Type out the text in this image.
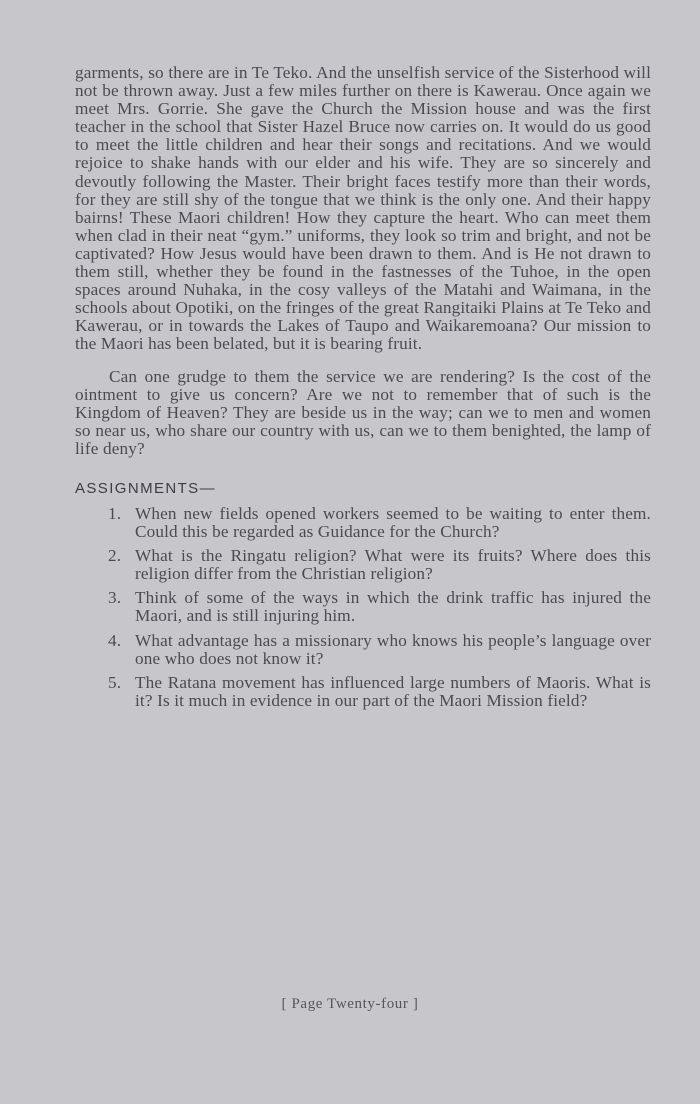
garments, so there are in Te Teko. And the unselfish service of the Sisterhood will not be thrown away. Just a few miles further on there is Kawerau. Once again we meet Mrs. Gorrie. She gave the Church the Mission house and was the first teacher in the school that Sister Hazel Bruce now carries on. It would do us good to meet the little children and hear their songs and recitations. And we would rejoice to shake hands with our elder and his wife. They are so sincerely and devoutly following the Master. Their bright faces testify more than their words, for they are still shy of the tongue that we think is the only one. And their happy bairns! These Maori children! How they capture the heart. Who can meet them when clad in their neat “gym.” uniforms, they look so trim and bright, and not be captivated? How Jesus would have been drawn to them. And is He not drawn to them still, whether they be found in the fastnesses of the Tuhoe, in the open spaces around Nuhaka, in the cosy valleys of the Matahi and Waimana, in the schools about Opotiki, on the fringes of the great Rangitaiki Plains at Te Teko and Kawerau, or in towards the Lakes of Taupo and Waikaremoana? Our mission to the Maori has been belated, but it is bearing fruit.

Can one grudge to them the service we are rendering? Is the cost of the ointment to give us concern? Are we not to remember that of such is the Kingdom of Heaven? They are beside us in the way; can we to men and women so near us, who share our country with us, can we to them benighted, the lamp of life deny?

ASSIGNMENTS—
1. When new fields opened workers seemed to be waiting to enter them. Could this be regarded as Guidance for the Church?
2. What is the Ringatu religion? What were its fruits? Where does this religion differ from the Christian religion?
3. Think of some of the ways in which the drink traffic has injured the Maori, and is still injuring him.
4. What advantage has a missionary who knows his people’s language over one who does not know it?
5. The Ratana movement has influenced large numbers of Maoris. What is it? Is it much in evidence in our part of the Maori Mission field?
[ Page Twenty-four ]
